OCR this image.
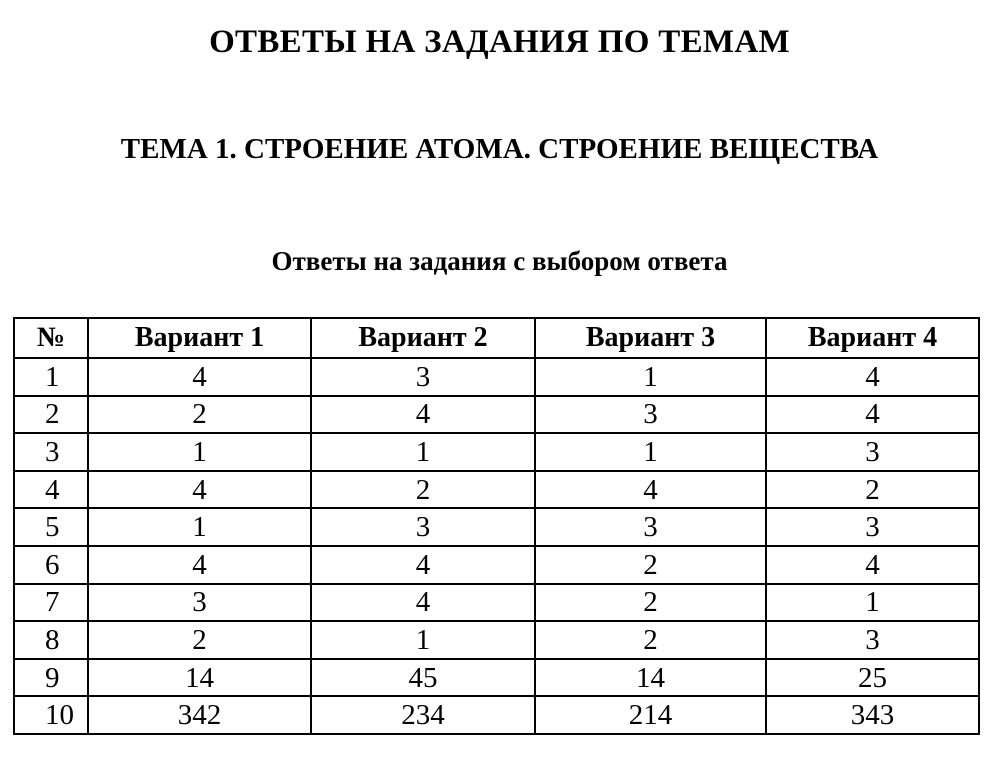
ОТВЕТЫ НА ЗАДАНИЯ ПО ТЕМАМ
ТЕМА 1. СТРОЕНИЕ АТОМА. СТРОЕНИЕ ВЕЩЕСТВА
Ответы на задания с выбором ответа
№	Вариант 1	Вариант 2	Вариант 3	Вариант 4
1	4	3	1	4
2	2	4	3	4
3	1	1	1	3
4	4	2	4	2
5	1	3	3	3
6	4	4	2	4
7	3	4	2	1
8	2	1	2	3
9	14	45	14	25
10	342	234	214	343
